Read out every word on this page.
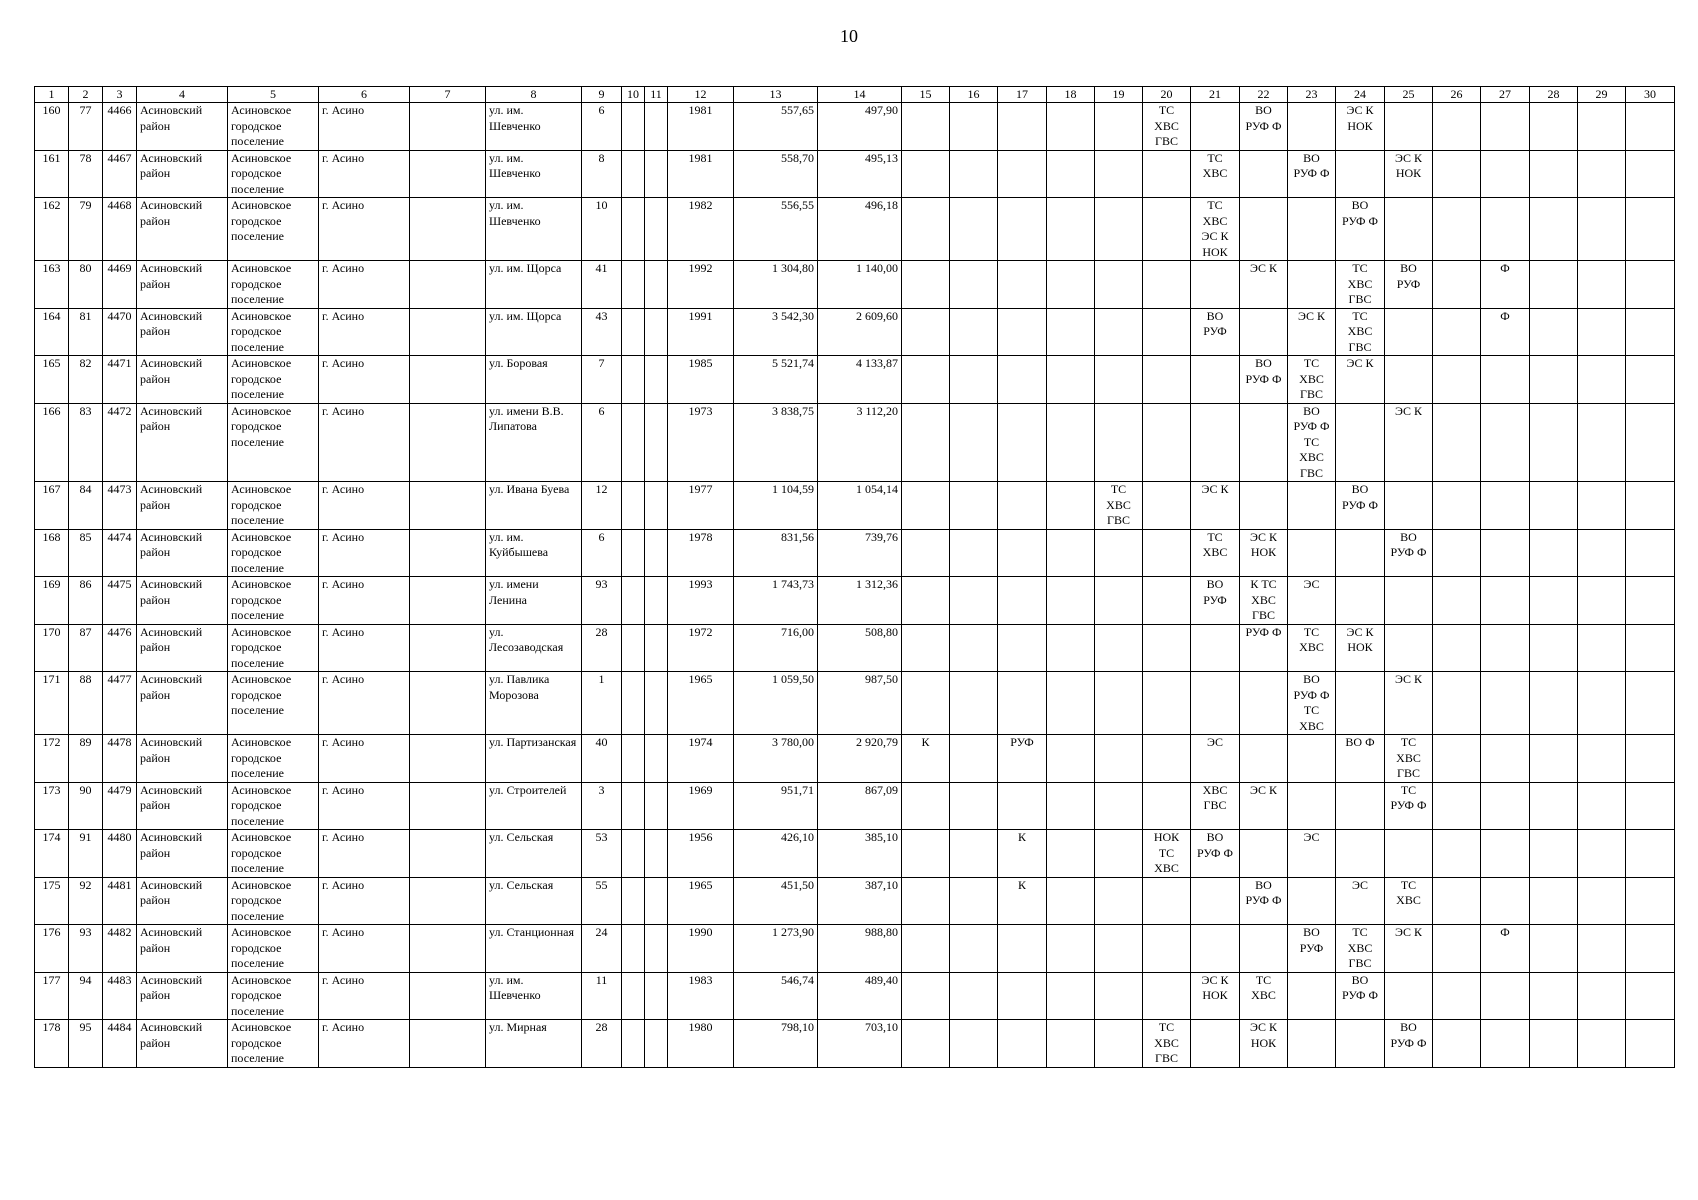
10
1	2	3	4	5	6	7	8	9	10	11	12	13	14	15	16	17	18	19	20	21	22	23	24	25	26	27	28	29	30
160	77	4466	Асиновский район	Асиновское городское поселение	г. Асино		ул. им. Шевченко	6			1981	557,65	497,90						ТС ХВС ГВС		ВО РУФ Ф		ЭС К НОК						
161	78	4467	Асиновский район	Асиновское городское поселение	г. Асино		ул. им. Шевченко	8			1981	558,70	495,13							ТС ХВС		ВО РУФ Ф		ЭС К НОК					
162	79	4468	Асиновский район	Асиновское городское поселение	г. Асино		ул. им. Шевченко	10			1982	556,55	496,18							ТС ХВС ЭС К НОК			ВО РУФ Ф						
163	80	4469	Асиновский район	Асиновское городское поселение	г. Асино		ул. им. Щорса	41			1992	1 304,80	1 140,00								ЭС К		ТС ХВС ГВС	ВО РУФ		Ф			
164	81	4470	Асиновский район	Асиновское городское поселение	г. Асино		ул. им. Щорса	43			1991	3 542,30	2 609,60							ВО РУФ		ЭС К	ТС ХВС ГВС			Ф			
165	82	4471	Асиновский район	Асиновское городское поселение	г. Асино		ул. Боровая	7			1985	5 521,74	4 133,87								ВО РУФ Ф	ТС ХВС ГВС	ЭС К						
166	83	4472	Асиновский район	Асиновское городское поселение	г. Асино		ул. имени В.В. Липатова	6			1973	3 838,75	3 112,20									ВО РУФ Ф ТС ХВС ГВС		ЭС К					
167	84	4473	Асиновский район	Асиновское городское поселение	г. Асино		ул. Ивана Буева	12			1977	1 104,59	1 054,14					ТС ХВС ГВС		ЭС К			ВО РУФ Ф						
168	85	4474	Асиновский район	Асиновское городское поселение	г. Асино		ул. им. Куйбышева	6			1978	831,56	739,76							ТС ХВС	ЭС К НОК			ВО РУФ Ф					
169	86	4475	Асиновский район	Асиновское городское поселение	г. Асино		ул. имени Ленина	93			1993	1 743,73	1 312,36							ВО РУФ	К ТС ХВС ГВС	ЭС							
170	87	4476	Асиновский район	Асиновское городское поселение	г. Асино		ул. Лесозаводская	28			1972	716,00	508,80								РУФ Ф	ТС ХВС	ЭС К НОК						
171	88	4477	Асиновский район	Асиновское городское поселение	г. Асино		ул. Павлика Морозова	1			1965	1 059,50	987,50									ВО РУФ Ф ТС ХВС		ЭС К					
172	89	4478	Асиновский район	Асиновское городское поселение	г. Асино		ул. Партизанская	40			1974	3 780,00	2 920,79	К		РУФ				ЭС			ВО Ф	ТС ХВС ГВС					
173	90	4479	Асиновский район	Асиновское городское поселение	г. Асино		ул. Строителей	3			1969	951,71	867,09							ХВС ГВС	ЭС К			ТС РУФ Ф					
174	91	4480	Асиновский район	Асиновское городское поселение	г. Асино		ул. Сельская	53			1956	426,10	385,10			К			НОК ТС ХВС	ВО РУФ Ф		ЭС							
175	92	4481	Асиновский район	Асиновское городское поселение	г. Асино		ул. Сельская	55			1965	451,50	387,10			К					ВО РУФ Ф		ЭС	ТС ХВС					
176	93	4482	Асиновский район	Асиновское городское поселение	г. Асино		ул. Станционная	24			1990	1 273,90	988,80									ВО РУФ	ТС ХВС ГВС	ЭС К		Ф			
177	94	4483	Асиновский район	Асиновское городское поселение	г. Асино		ул. им. Шевченко	11			1983	546,74	489,40							ЭС К НОК	ТС ХВС		ВО РУФ Ф						
178	95	4484	Асиновский район	Асиновское городское поселение	г. Асино		ул. Мирная	28			1980	798,10	703,10						ТС ХВС ГВС		ЭС К НОК			ВО РУФ Ф					
